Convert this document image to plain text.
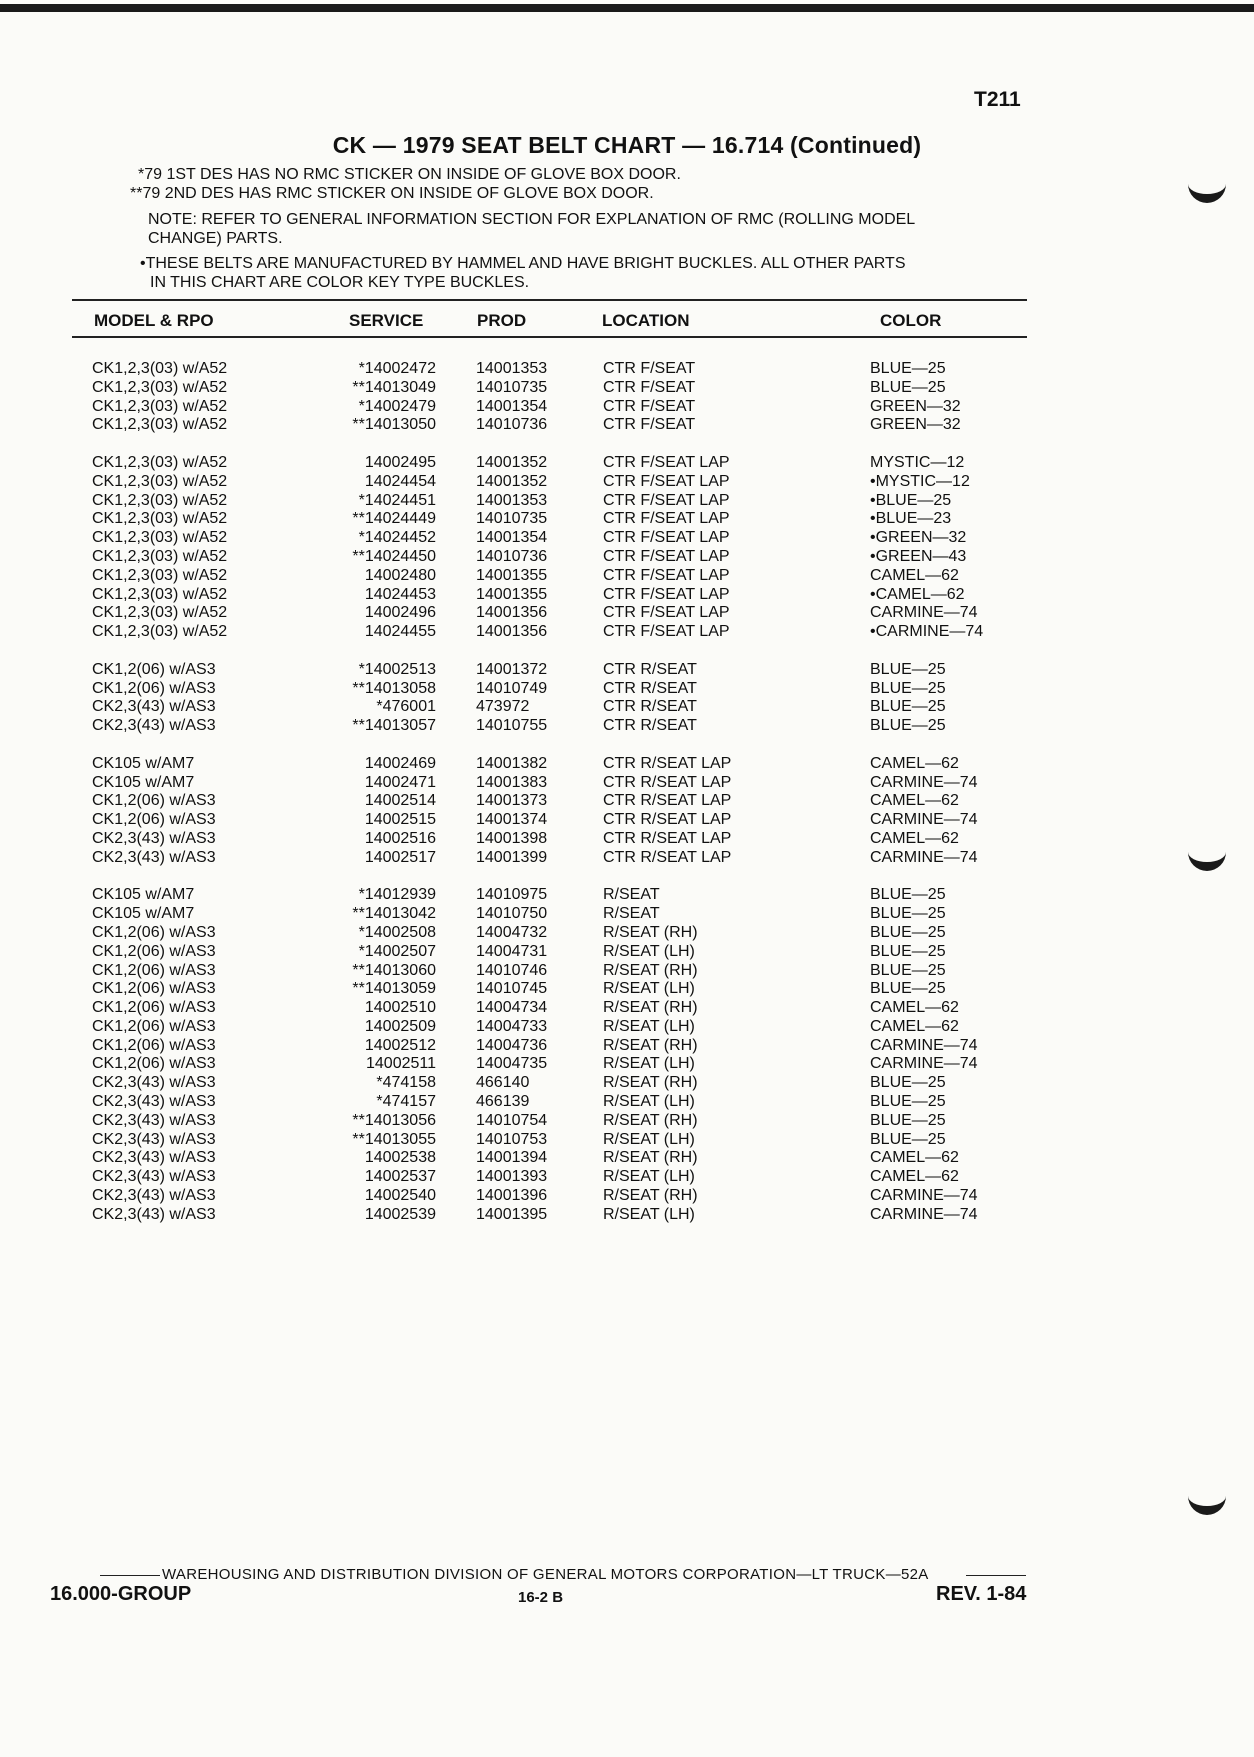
T211
CK — 1979 SEAT BELT CHART — 16.714 (Continued)
*79 1ST DES HAS NO RMC STICKER ON INSIDE OF GLOVE BOX DOOR.
**79 2ND DES HAS RMC STICKER ON INSIDE OF GLOVE BOX DOOR.
NOTE: REFER TO GENERAL INFORMATION SECTION FOR EXPLANATION OF RMC (ROLLING MODEL
CHANGE) PARTS.
•THESE BELTS ARE MANUFACTURED BY HAMMEL AND HAVE BRIGHT BUCKLES. ALL OTHER PARTS
IN THIS CHART ARE COLOR KEY TYPE BUCKLES.
MODEL & RPO	SERVICE	PROD	LOCATION	COLOR
CK1,2,3(03) w/A52	*14002472	14001353	CTR F/SEAT	BLUE—25
CK1,2,3(03) w/A52	**14013049	14010735	CTR F/SEAT	BLUE—25
CK1,2,3(03) w/A52	*14002479	14001354	CTR F/SEAT	GREEN—32
CK1,2,3(03) w/A52	**14013050	14010736	CTR F/SEAT	GREEN—32
CK1,2,3(03) w/A52	14002495	14001352	CTR F/SEAT LAP	MYSTIC—12
CK1,2,3(03) w/A52	14024454	14001352	CTR F/SEAT LAP	•MYSTIC—12
CK1,2,3(03) w/A52	*14024451	14001353	CTR F/SEAT LAP	•BLUE—25
CK1,2,3(03) w/A52	**14024449	14010735	CTR F/SEAT LAP	•BLUE—23
CK1,2,3(03) w/A52	*14024452	14001354	CTR F/SEAT LAP	•GREEN—32
CK1,2,3(03) w/A52	**14024450	14010736	CTR F/SEAT LAP	•GREEN—43
CK1,2,3(03) w/A52	14002480	14001355	CTR F/SEAT LAP	CAMEL—62
CK1,2,3(03) w/A52	14024453	14001355	CTR F/SEAT LAP	•CAMEL—62
CK1,2,3(03) w/A52	14002496	14001356	CTR F/SEAT LAP	CARMINE—74
CK1,2,3(03) w/A52	14024455	14001356	CTR F/SEAT LAP	•CARMINE—74
CK1,2(06) w/AS3	*14002513	14001372	CTR R/SEAT	BLUE—25
CK1,2(06) w/AS3	**14013058	14010749	CTR R/SEAT	BLUE—25
CK2,3(43) w/AS3	*476001	473972	CTR R/SEAT	BLUE—25
CK2,3(43) w/AS3	**14013057	14010755	CTR R/SEAT	BLUE—25
CK105 w/AM7	14002469	14001382	CTR R/SEAT LAP	CAMEL—62
CK105 w/AM7	14002471	14001383	CTR R/SEAT LAP	CARMINE—74
CK1,2(06) w/AS3	14002514	14001373	CTR R/SEAT LAP	CAMEL—62
CK1,2(06) w/AS3	14002515	14001374	CTR R/SEAT LAP	CARMINE—74
CK2,3(43) w/AS3	14002516	14001398	CTR R/SEAT LAP	CAMEL—62
CK2,3(43) w/AS3	14002517	14001399	CTR R/SEAT LAP	CARMINE—74
CK105 w/AM7	*14012939	14010975	R/SEAT	BLUE—25
CK105 w/AM7	**14013042	14010750	R/SEAT	BLUE—25
CK1,2(06) w/AS3	*14002508	14004732	R/SEAT (RH)	BLUE—25
CK1,2(06) w/AS3	*14002507	14004731	R/SEAT (LH)	BLUE—25
CK1,2(06) w/AS3	**14013060	14010746	R/SEAT (RH)	BLUE—25
CK1,2(06) w/AS3	**14013059	14010745	R/SEAT (LH)	BLUE—25
CK1,2(06) w/AS3	14002510	14004734	R/SEAT (RH)	CAMEL—62
CK1,2(06) w/AS3	14002509	14004733	R/SEAT (LH)	CAMEL—62
CK1,2(06) w/AS3	14002512	14004736	R/SEAT (RH)	CARMINE—74
CK1,2(06) w/AS3	14002511	14004735	R/SEAT (LH)	CARMINE—74
CK2,3(43) w/AS3	*474158	466140	R/SEAT (RH)	BLUE—25
CK2,3(43) w/AS3	*474157	466139	R/SEAT (LH)	BLUE—25
CK2,3(43) w/AS3	**14013056	14010754	R/SEAT (RH)	BLUE—25
CK2,3(43) w/AS3	**14013055	14010753	R/SEAT (LH)	BLUE—25
CK2,3(43) w/AS3	14002538	14001394	R/SEAT (RH)	CAMEL—62
CK2,3(43) w/AS3	14002537	14001393	R/SEAT (LH)	CAMEL—62
CK2,3(43) w/AS3	14002540	14001396	R/SEAT (RH)	CARMINE—74
CK2,3(43) w/AS3	14002539	14001395	R/SEAT (LH)	CARMINE—74
WAREHOUSING AND DISTRIBUTION DIVISION OF GENERAL MOTORS CORPORATION—LT TRUCK—52A
16.000-GROUP	16-2 B	REV. 1-84
